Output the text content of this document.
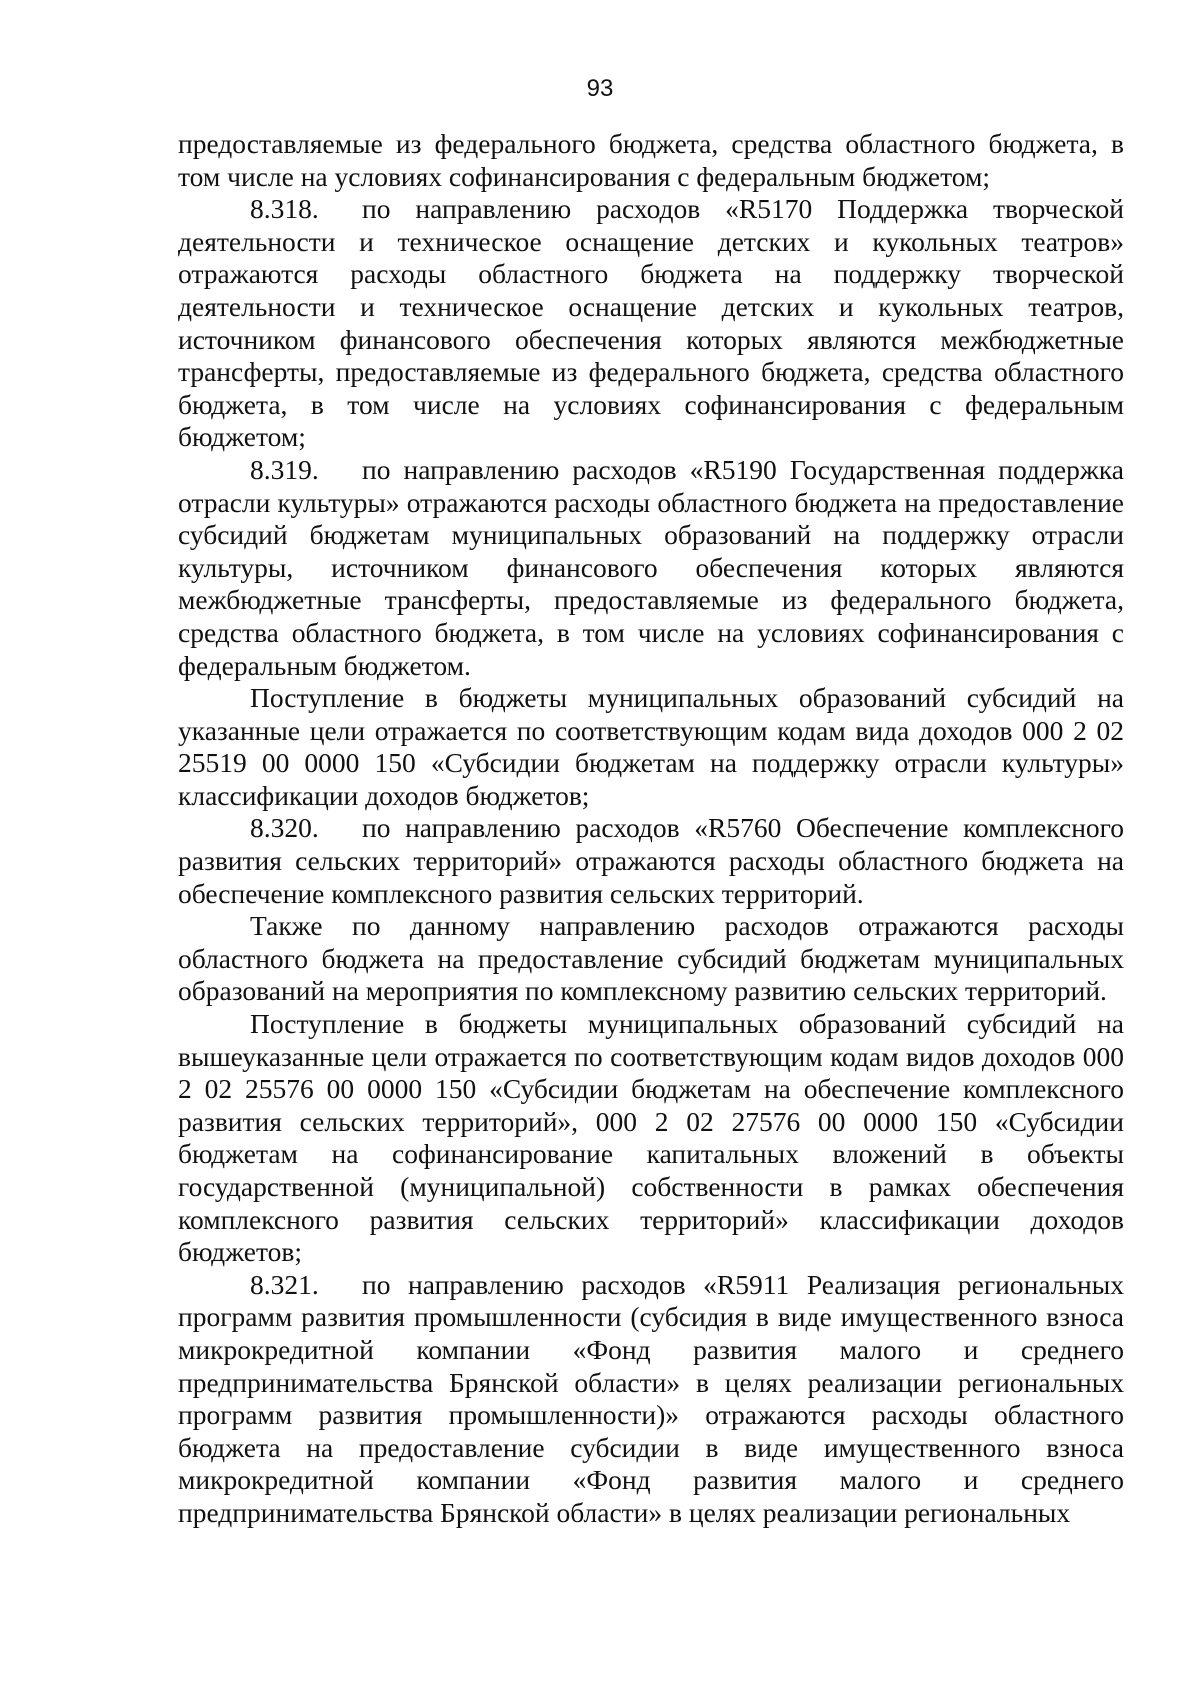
93

предоставляемые из федерального бюджета, средства областного бюджета, в том числе на условиях софинансирования с федеральным бюджетом;

8.318. по направлению расходов «R5170 Поддержка творческой деятельности и техническое оснащение детских и кукольных театров» отражаются расходы областного бюджета на поддержку творческой деятельности и техническое оснащение детских и кукольных театров, источником финансового обеспечения которых являются межбюджетные трансферты, предоставляемые из федерального бюджета, средства областного бюджета, в том числе на условиях софинансирования с федеральным бюджетом;

8.319. по направлению расходов «R5190 Государственная поддержка отрасли культуры» отражаются расходы областного бюджета на предоставление субсидий бюджетам муниципальных образований на поддержку отрасли культуры, источником финансового обеспечения которых являются межбюджетные трансферты, предоставляемые из федерального бюджета, средства областного бюджета, в том числе на условиях софинансирования с федеральным бюджетом.

Поступление в бюджеты муниципальных образований субсидий на указанные цели отражается по соответствующим кодам вида доходов 000 2 02 25519 00 0000 150 «Субсидии бюджетам на поддержку отрасли культуры» классификации доходов бюджетов;

8.320. по направлению расходов «R5760 Обеспечение комплексного развития сельских территорий» отражаются расходы областного бюджета на обеспечение комплексного развития сельских территорий.

Также по данному направлению расходов отражаются расходы областного бюджета на предоставление субсидий бюджетам муниципальных образований на мероприятия по комплексному развитию сельских территорий.

Поступление в бюджеты муниципальных образований субсидий на вышеуказанные цели отражается по соответствующим кодам видов доходов 000 2 02 25576 00 0000 150 «Субсидии бюджетам на обеспечение комплексного развития сельских территорий», 000 2 02 27576 00 0000 150 «Субсидии бюджетам на софинансирование капитальных вложений в объекты государственной (муниципальной) собственности в рамках обеспечения комплексного развития сельских территорий» классификации доходов бюджетов;

8.321. по направлению расходов «R5911 Реализация региональных программ развития промышленности (субсидия в виде имущественного взноса микрокредитной компании «Фонд развития малого и среднего предпринимательства Брянской области» в целях реализации региональных программ развития промышленности)» отражаются расходы областного бюджета на предоставление субсидии в виде имущественного взноса микрокредитной компании «Фонд развития малого и среднего предпринимательства Брянской области» в целях реализации региональных
